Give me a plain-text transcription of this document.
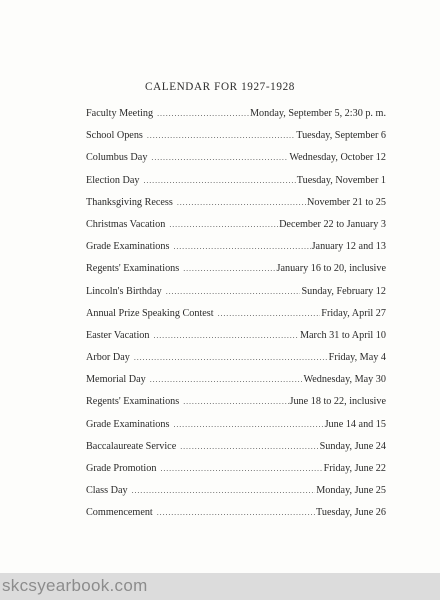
CALENDAR FOR 1927-1928
Faculty Meeting .....	Monday, September 5, 2:30 p. m.
School Opens .....	Tuesday, September 6
Columbus Day .....	Wednesday, October 12
Election Day .....	Tuesday, November 1
Thanksgiving Recess .....	November 21 to 25
Christmas Vacation .....	December 22 to January 3
Grade Examinations .....	January 12 and 13
Regents' Examinations .....	January 16 to 20, inclusive
Lincoln's Birthday .....	Sunday, February 12
Annual Prize Speaking Contest .....	Friday, April 27
Easter Vacation .....	March 31 to April 10
Arbor Day .....	Friday, May 4
Memorial Day .....	Wednesday, May 30
Regents' Examinations .....	June 18 to 22, inclusive
Grade Examinations .....	June 14 and 15
Baccalaureate Service .....	Sunday, June 24
Grade Promotion .....	Friday, June 22
Class Day .....	Monday, June 25
Commencement .....	Tuesday, June 26
skcsyearbook.com
